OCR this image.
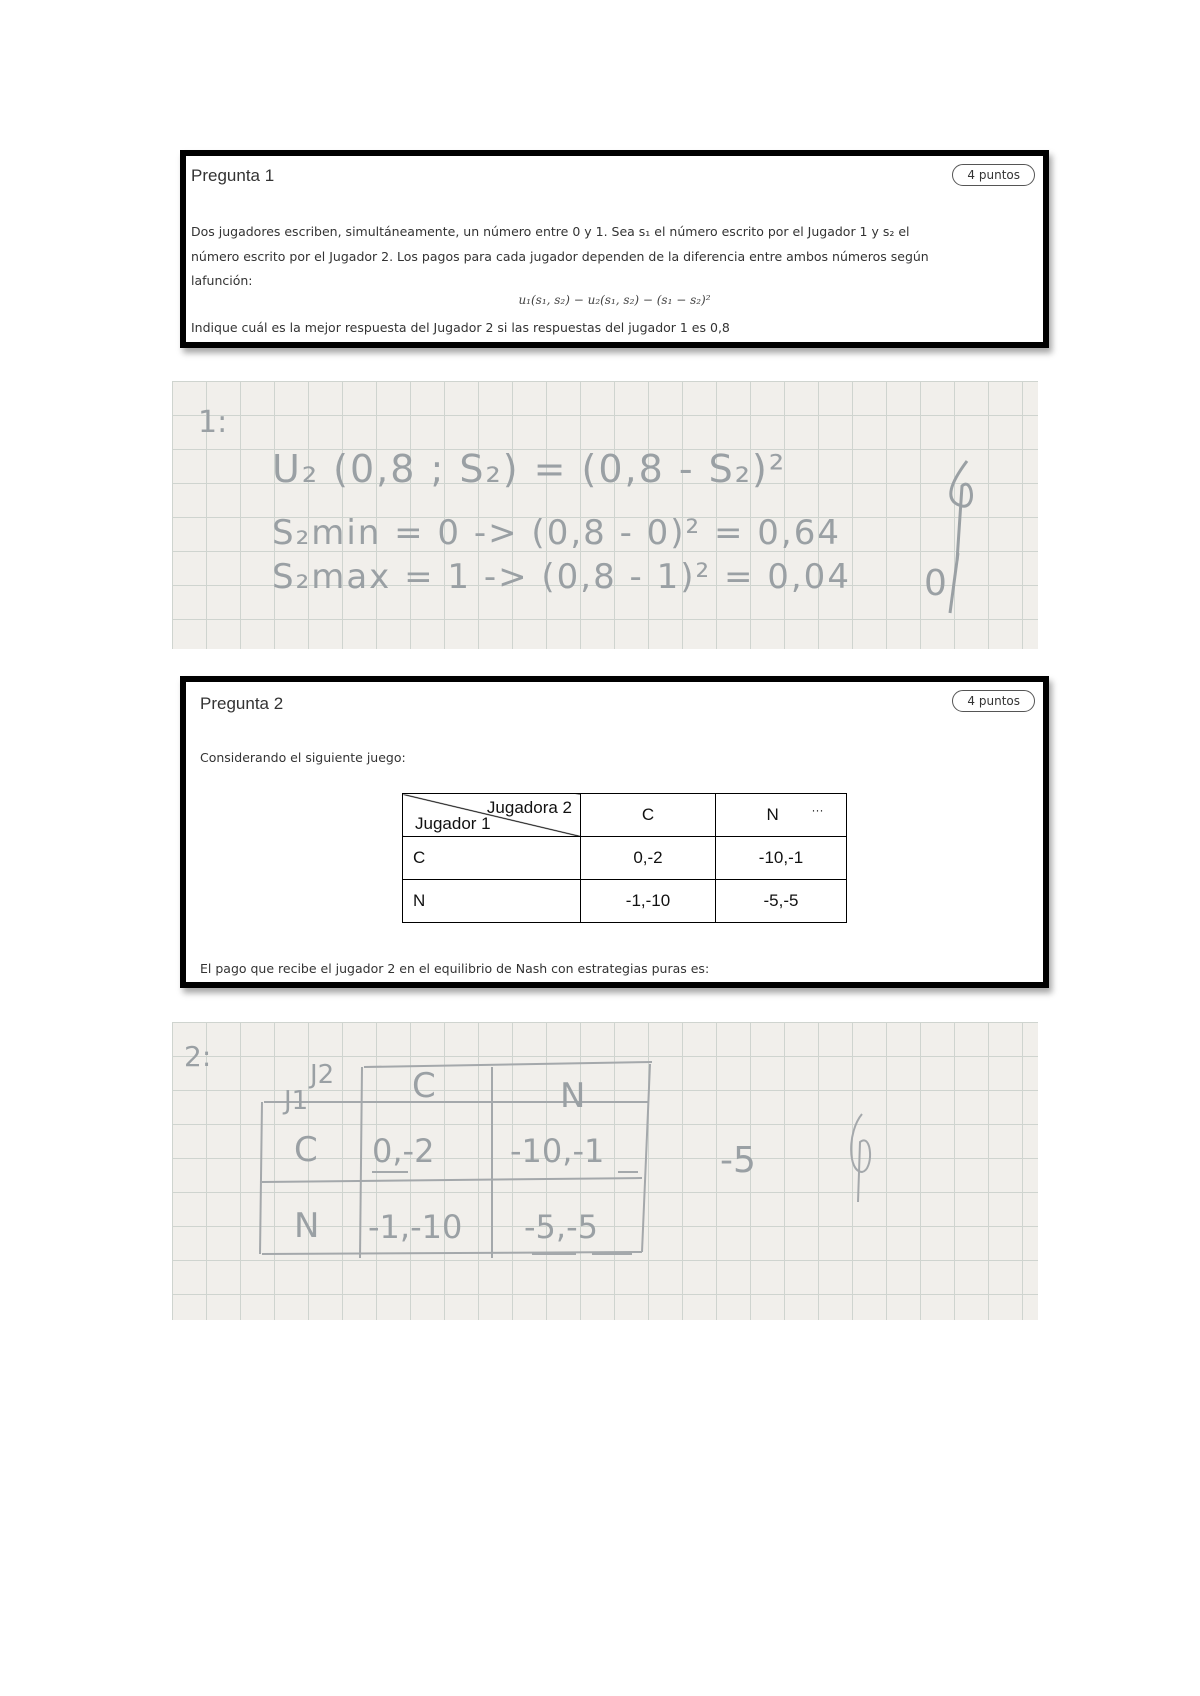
Pregunta 1	4 puntos
Dos jugadores escriben, simultáneamente, un número entre 0 y 1. Sea s₁ el número escrito por el Jugador 1 y s₂ el
número escrito por el Jugador 2. Los pagos para cada jugador dependen de la diferencia entre ambos números según
lafunción:
u₁(s₁, s₂) − u₂(s₁, s₂) − (s₁ − s₂)²
Indique cuál es la mejor respuesta del Jugador 2 si las respuestas del jugador 1 es 0,8
1:
U₂ (0,8 ; S₂) = (0,8 - S₂)²
S₂min = 0 -> (0,8 - 0)² = 0,64
S₂max = 1 -> (0,8 - 1)² = 0,04 0
Pregunta 2	4 puntos
Considerando el siguiente juego:
Jugadora 2
Jugador 1	C	N ···
C	0,-2	-10,-1
N	-1,-10	-5,-5
El pago que recibe el jugador 2 en el equilibrio de Nash con estrategias puras es:
2:
J2
J1	C	N
C 0,-2 -10,-1
N -1,-10 -5,-5
-5
